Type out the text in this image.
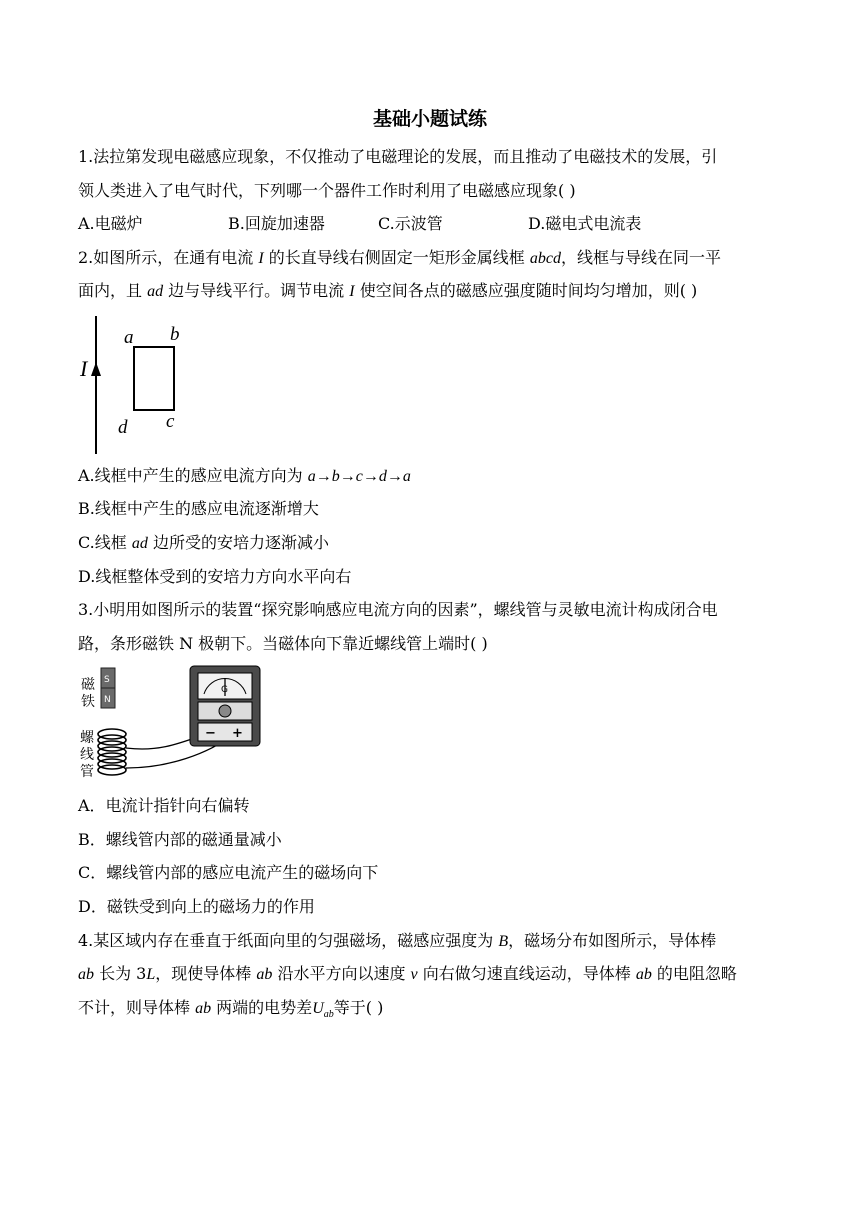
基础小题试练
1.法拉第发现电磁感应现象，不仅推动了电磁理论的发展，而且推动了电磁技术的发展，引
领人类进入了电气时代，下列哪一个器件工作时利用了电磁感应现象( )
A.电磁炉	B.回旋加速器	C.示波管	D.磁电式电流表
2.如图所示，在通有电流 I 的长直导线右侧固定一矩形金属线框 abcd，线框与导线在同一平
面内，且 ad 边与导线平行。调节电流 I 使空间各点的磁感应强度随时间均匀增加，则( )
I
a b
c
d
A.线框中产生的感应电流方向为 a→b→c→d→a
B.线框中产生的感应电流逐渐增大
C.线框 ad 边所受的安培力逐渐减小
D.线框整体受到的安培力方向水平向右
3.小明用如图所示的装置“探究影响感应电流方向的因素”，螺线管与灵敏电流计构成闭合电
路，条形磁铁 N 极朝下。当磁体向下靠近螺线管上端时( )
磁
铁
S
N
螺
线
管
G
− +
A．电流计指针向右偏转
B．螺线管内部的磁通量减小
C．螺线管内部的感应电流产生的磁场向下
D．磁铁受到向上的磁场力的作用
4.某区域内存在垂直于纸面向里的匀强磁场，磁感应强度为 B，磁场分布如图所示，导体棒
ab 长为 3L，现使导体棒 ab 沿水平方向以速度 v 向右做匀速直线运动，导体棒 ab 的电阻忽略
不计，则导体棒 ab 两端的电势差$U_{ab}$等于( )
